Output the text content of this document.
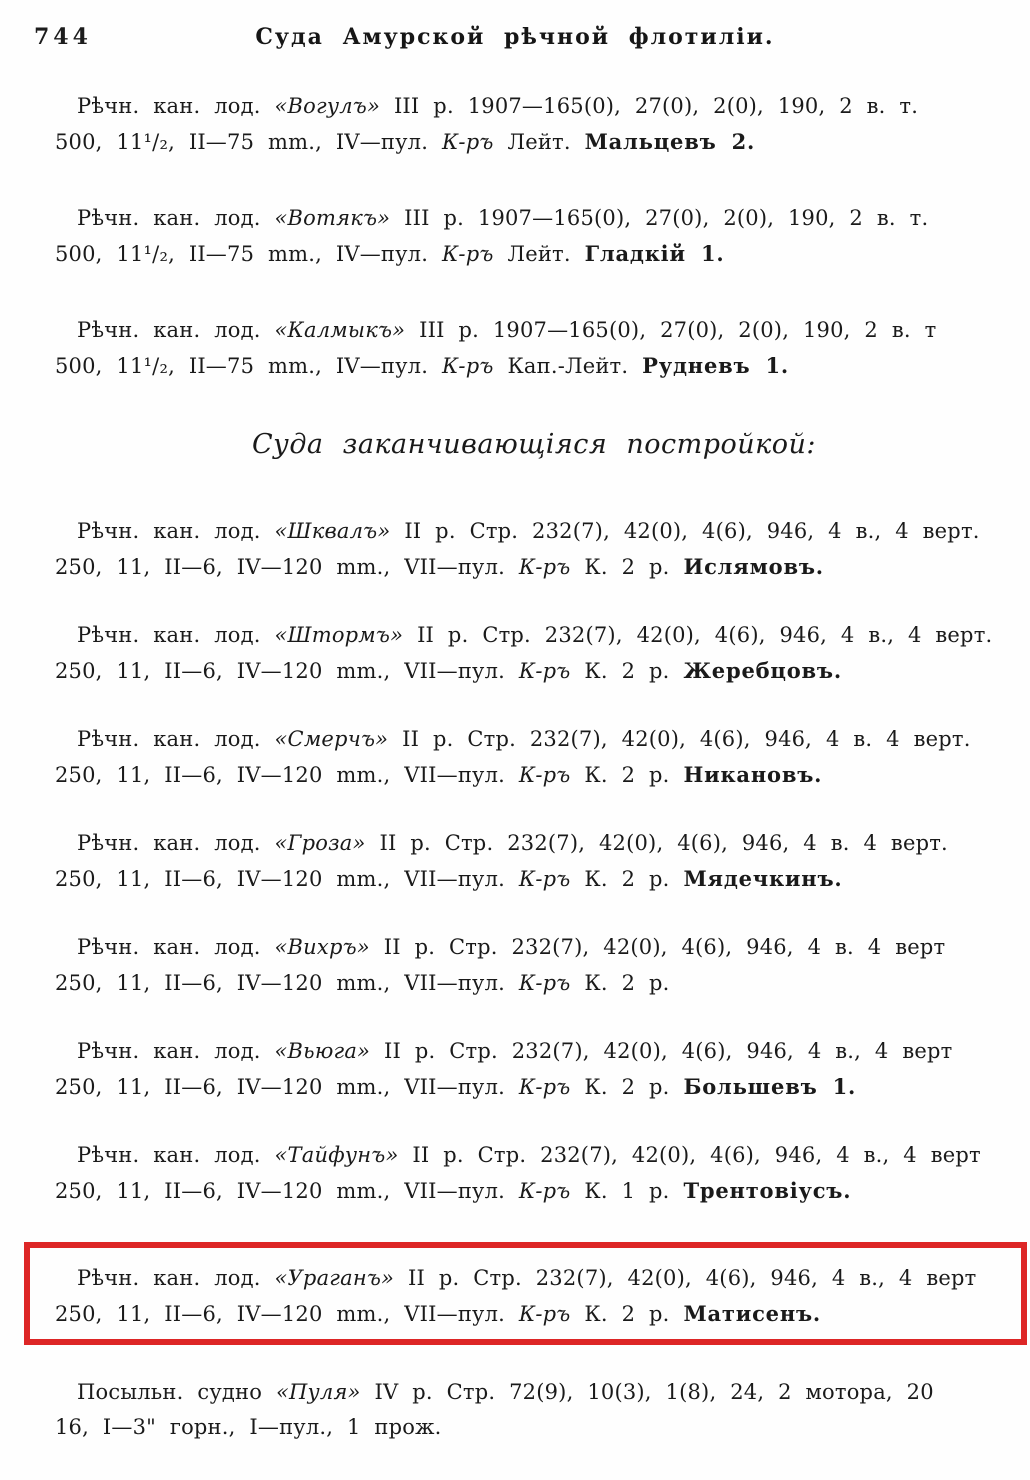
744	Суда Амурской рѣчной флотиліи.

Рѣчн. кан. лод. «Вогулъ» III р. 1907—165(0), 27(0), 2(0), 190, 2 в. т.
500, 11¹/₂, II—75 mm., IV—пул. К-ръ Лейт. Мальцевъ 2.

Рѣчн. кан. лод. «Вотякъ» III р. 1907—165(0), 27(0), 2(0), 190, 2 в. т.
500, 11¹/₂, II—75 mm., IV—пул. К-ръ Лейт. Гладкій 1.

Рѣчн. кан. лод. «Калмыкъ» III р. 1907—165(0), 27(0), 2(0), 190, 2 в. т
500, 11¹/₂, II—75 mm., IV—пул. К-ръ Кап.-Лейт. Рудневъ 1.

Суда заканчивающіяся постройкой:

Рѣчн. кан. лод. «Шквалъ» II р. Стр. 232(7), 42(0), 4(6), 946, 4 в., 4 верт.
250, 11, II—6, IV—120 mm., VII—пул. К-ръ К. 2 р. Ислямовъ.

Рѣчн. кан. лод. «Штормъ» II р. Стр. 232(7), 42(0), 4(6), 946, 4 в., 4 верт.
250, 11, II—6, IV—120 mm., VII—пул. К-ръ К. 2 р. Жеребцовъ.

Рѣчн. кан. лод. «Смерчъ» II р. Стр. 232(7), 42(0), 4(6), 946, 4 в. 4 верт.
250, 11, II—6, IV—120 mm., VII—пул. К-ръ К. 2 р. Никановъ.

Рѣчн. кан. лод. «Гроза» II р. Стр. 232(7), 42(0), 4(6), 946, 4 в. 4 верт.
250, 11, II—6, IV—120 mm., VII—пул. К-ръ К. 2 р. Мядечкинъ.

Рѣчн. кан. лод. «Вихръ» II р. Стр. 232(7), 42(0), 4(6), 946, 4 в. 4 верт
250, 11, II—6, IV—120 mm., VII—пул. К-ръ К. 2 р.

Рѣчн. кан. лод. «Вьюга» II р. Стр. 232(7), 42(0), 4(6), 946, 4 в., 4 верт
250, 11, II—6, IV—120 mm., VII—пул. К-ръ К. 2 р. Большевъ 1.

Рѣчн. кан. лод. «Тайфунъ» II р. Стр. 232(7), 42(0), 4(6), 946, 4 в., 4 верт
250, 11, II—6, IV—120 mm., VII—пул. К-ръ К. 1 р. Трентовіусъ.

Рѣчн. кан. лод. «Ураганъ» II р. Стр. 232(7), 42(0), 4(6), 946, 4 в., 4 верт
250, 11, II—6, IV—120 mm., VII—пул. К-ръ К. 2 р. Матисенъ.

Посыльн. судно «Пуля» IV р. Стр. 72(9), 10(3), 1(8), 24, 2 мотора, 20
16, I—3" горн., I—пул., 1 прож.
